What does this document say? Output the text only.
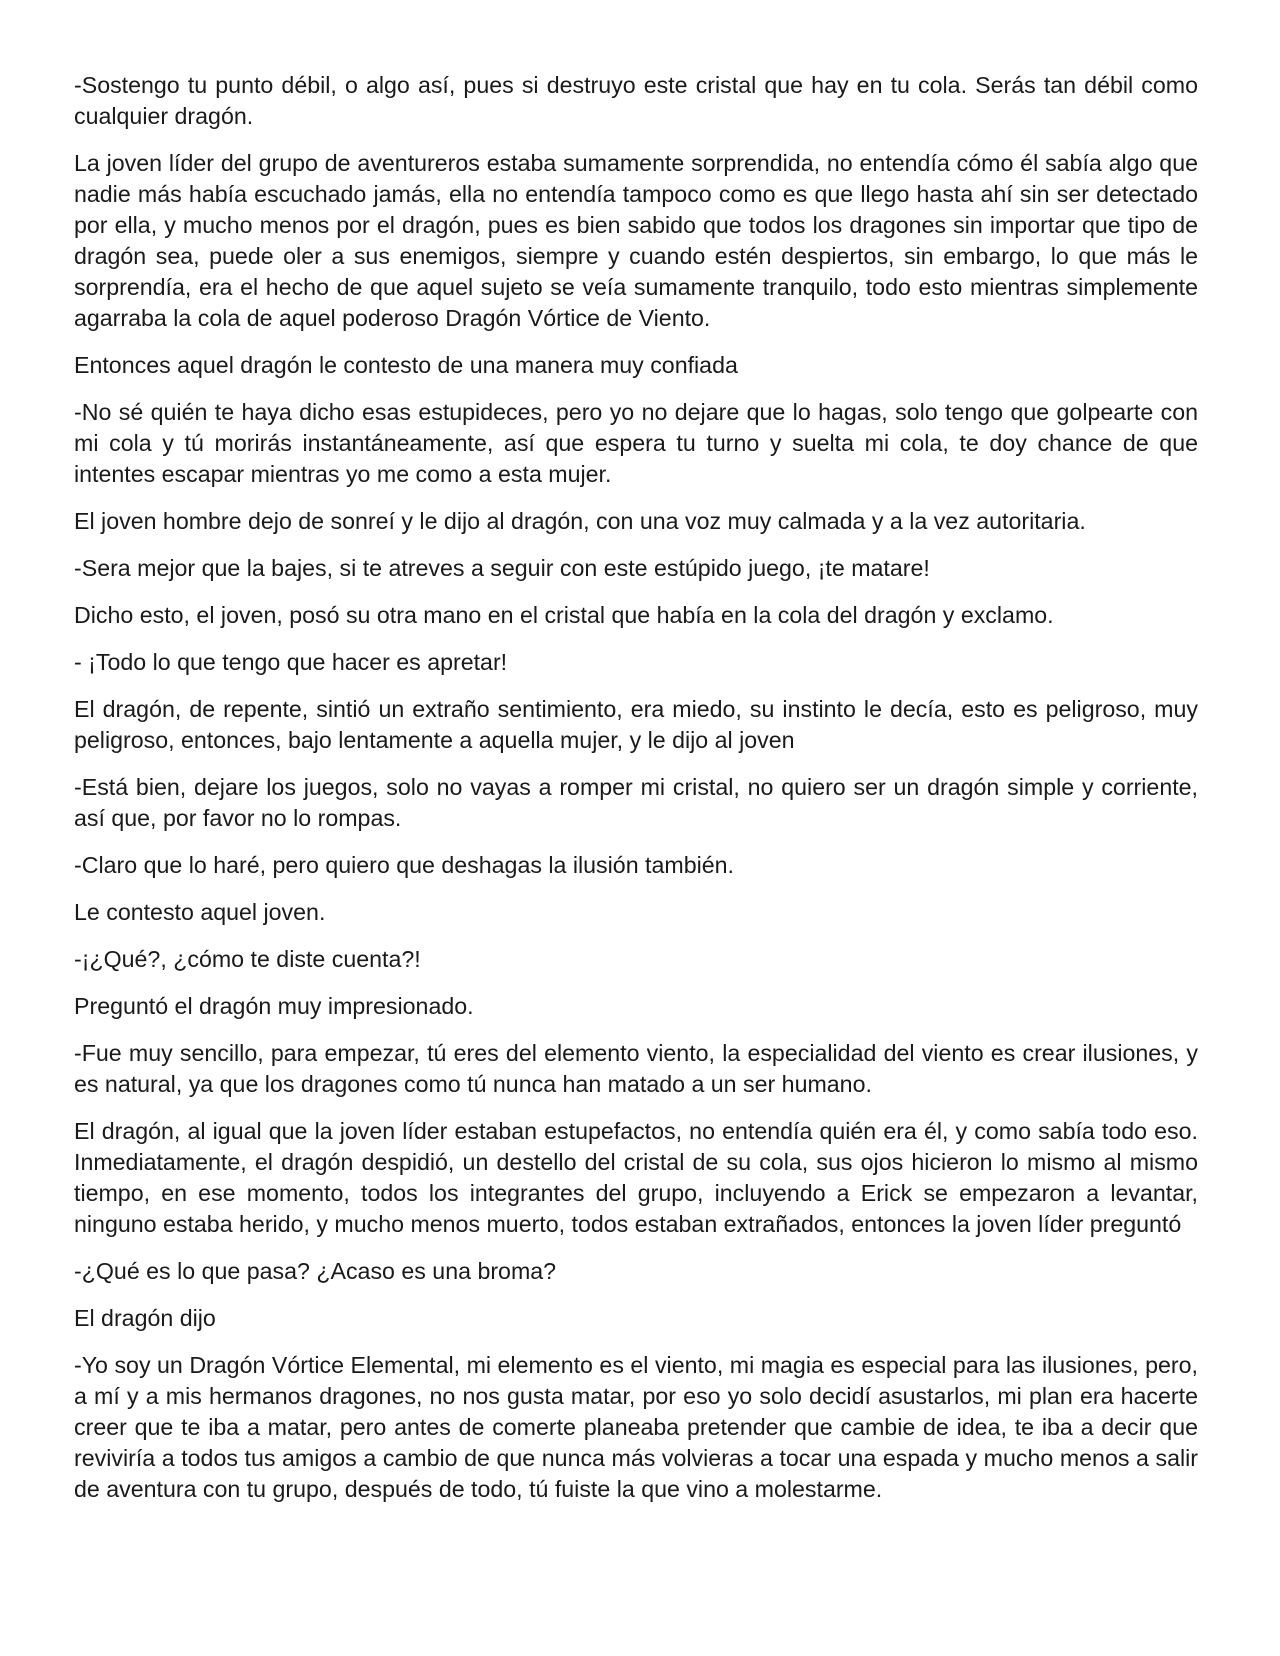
-Sostengo tu punto débil, o algo así, pues si destruyo este cristal que hay en tu cola. Serás tan débil como cualquier dragón.

La joven líder del grupo de aventureros estaba sumamente sorprendida, no entendía cómo él sabía algo que nadie más había escuchado jamás, ella no entendía tampoco como es que llego hasta ahí sin ser detectado por ella, y mucho menos por el dragón, pues es bien sabido que todos los dragones sin importar que tipo de dragón sea, puede oler a sus enemigos, siempre y cuando estén despiertos, sin embargo, lo que más le sorprendía, era el hecho de que aquel sujeto se veía sumamente tranquilo, todo esto mientras simplemente agarraba la cola de aquel poderoso Dragón Vórtice de Viento.

Entonces aquel dragón le contesto de una manera muy confiada

-No sé quién te haya dicho esas estupideces, pero yo no dejare que lo hagas, solo tengo que golpearte con mi cola y tú morirás instantáneamente, así que espera tu turno y suelta mi cola, te doy chance de que intentes escapar mientras yo me como a esta mujer.

El joven hombre dejo de sonreí y le dijo al dragón, con una voz muy calmada y a la vez autoritaria.

-Sera mejor que la bajes, si te atreves a seguir con este estúpido juego, ¡te matare!

Dicho esto, el joven, posó su otra mano en el cristal que había en la cola del dragón y exclamo.

- ¡Todo lo que tengo que hacer es apretar!

El dragón, de repente, sintió un extraño sentimiento, era miedo, su instinto le decía, esto es peligroso, muy peligroso, entonces, bajo lentamente a aquella mujer, y le dijo al joven

-Está bien, dejare los juegos, solo no vayas a romper mi cristal, no quiero ser un dragón simple y corriente, así que, por favor no lo rompas.

-Claro que lo haré, pero quiero que deshagas la ilusión también.

Le contesto aquel joven.

-¡¿Qué?, ¿cómo te diste cuenta?!

Preguntó el dragón muy impresionado.

-Fue muy sencillo, para empezar, tú eres del elemento viento, la especialidad del viento es crear ilusiones, y es natural, ya que los dragones como tú nunca han matado a un ser humano.

El dragón, al igual que la joven líder estaban estupefactos, no entendía quién era él, y como sabía todo eso. Inmediatamente, el dragón despidió, un destello del cristal de su cola, sus ojos hicieron lo mismo al mismo tiempo, en ese momento, todos los integrantes del grupo, incluyendo a Erick se empezaron a levantar, ninguno estaba herido, y mucho menos muerto, todos estaban extrañados, entonces la joven líder preguntó

-¿Qué es lo que pasa? ¿Acaso es una broma?

El dragón dijo

-Yo soy un Dragón Vórtice Elemental, mi elemento es el viento, mi magia es especial para las ilusiones, pero, a mí y a mis hermanos dragones, no nos gusta matar, por eso yo solo decidí asustarlos, mi plan era hacerte creer que te iba a matar, pero antes de comerte planeaba pretender que cambie de idea, te iba a decir que reviviría a todos tus amigos a cambio de que nunca más volvieras a tocar una espada y mucho menos a salir de aventura con tu grupo, después de todo, tú fuiste la que vino a molestarme.
